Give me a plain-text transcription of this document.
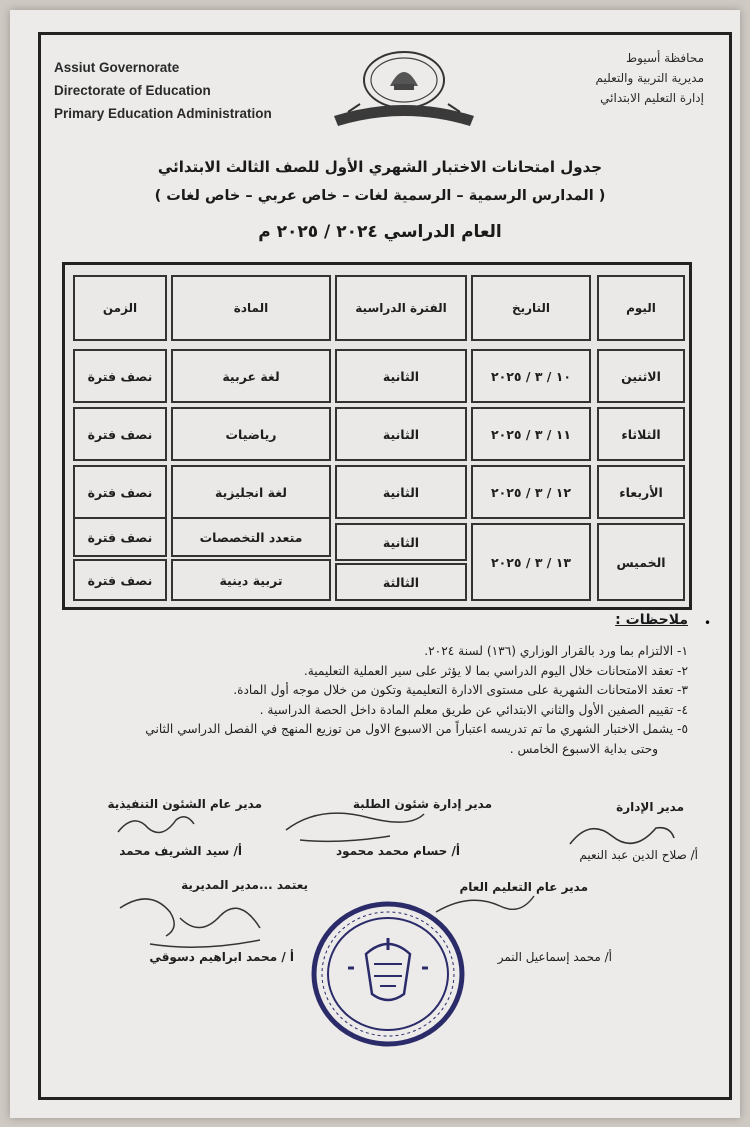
Assiut Governorate
Directorate of Education
Primary Education Administration
محافظة أسيوط
مديرية التربية والتعليم
إدارة التعليم الابتدائي
جدول امتحانات الاختبار الشهري الأول للصف الثالث الابتدائي
( المدارس الرسمية – الرسمية لغات – خاص عربي – خاص لغات )
العام الدراسي ٢٠٢٤ / ٢٠٢٥ م
اليوم
التاريخ
الفترة الدراسية
المادة
الزمن
الاثنين
١٠ / ٣ / ٢٠٢٥
الثانية
لغة عربية
نصف فترة
الثلاثاء
١١ / ٣ / ٢٠٢٥
الثانية
رياضيات
نصف فترة
الأربعاء
١٢ / ٣ / ٢٠٢٥
الثانية
لغة انجليزية
نصف فترة
الخميس
١٣ / ٣ / ٢٠٢٥
الثانية
متعدد التخصصات
نصف فترة
الثالثة
تربية دينية
نصف فترة
•
ملاحظات :

١- الالتزام بما ورد بالقرار الوزاري (١٣٦) لسنة ٢٠٢٤.

٢- تعقد الامتحانات خلال اليوم الدراسي بما لا يؤثر على سير العملية التعليمية.

٣- تعقد الامتحانات الشهرية على مستوى الادارة التعليمية وتكون من خلال موجه أول المادة.

٤- تقييم الصفين الأول والثاني الابتدائي عن طريق معلم المادة داخل الحصة الدراسية .

٥- يشمل الاختبار الشهري ما تم تدريسه اعتباراً من الاسبوع الاول من توزيع المنهج في الفصل الدراسي الثاني

وحتى بداية الاسبوع الخامس .

مدير الإدارة
مدير إدارة شئون الطلبة
مدير عام الشئون التنفيذية
أ/ صلاح الدين عبد النعيم
أ/ حسام محمد محمود
أ/ سيد الشريف محمد
مدير عام التعليم العام
يعتمد ...مدير المديرية
أ/ محمد إسماعيل النمر
أ / محمد ابراهيم دسوقي
